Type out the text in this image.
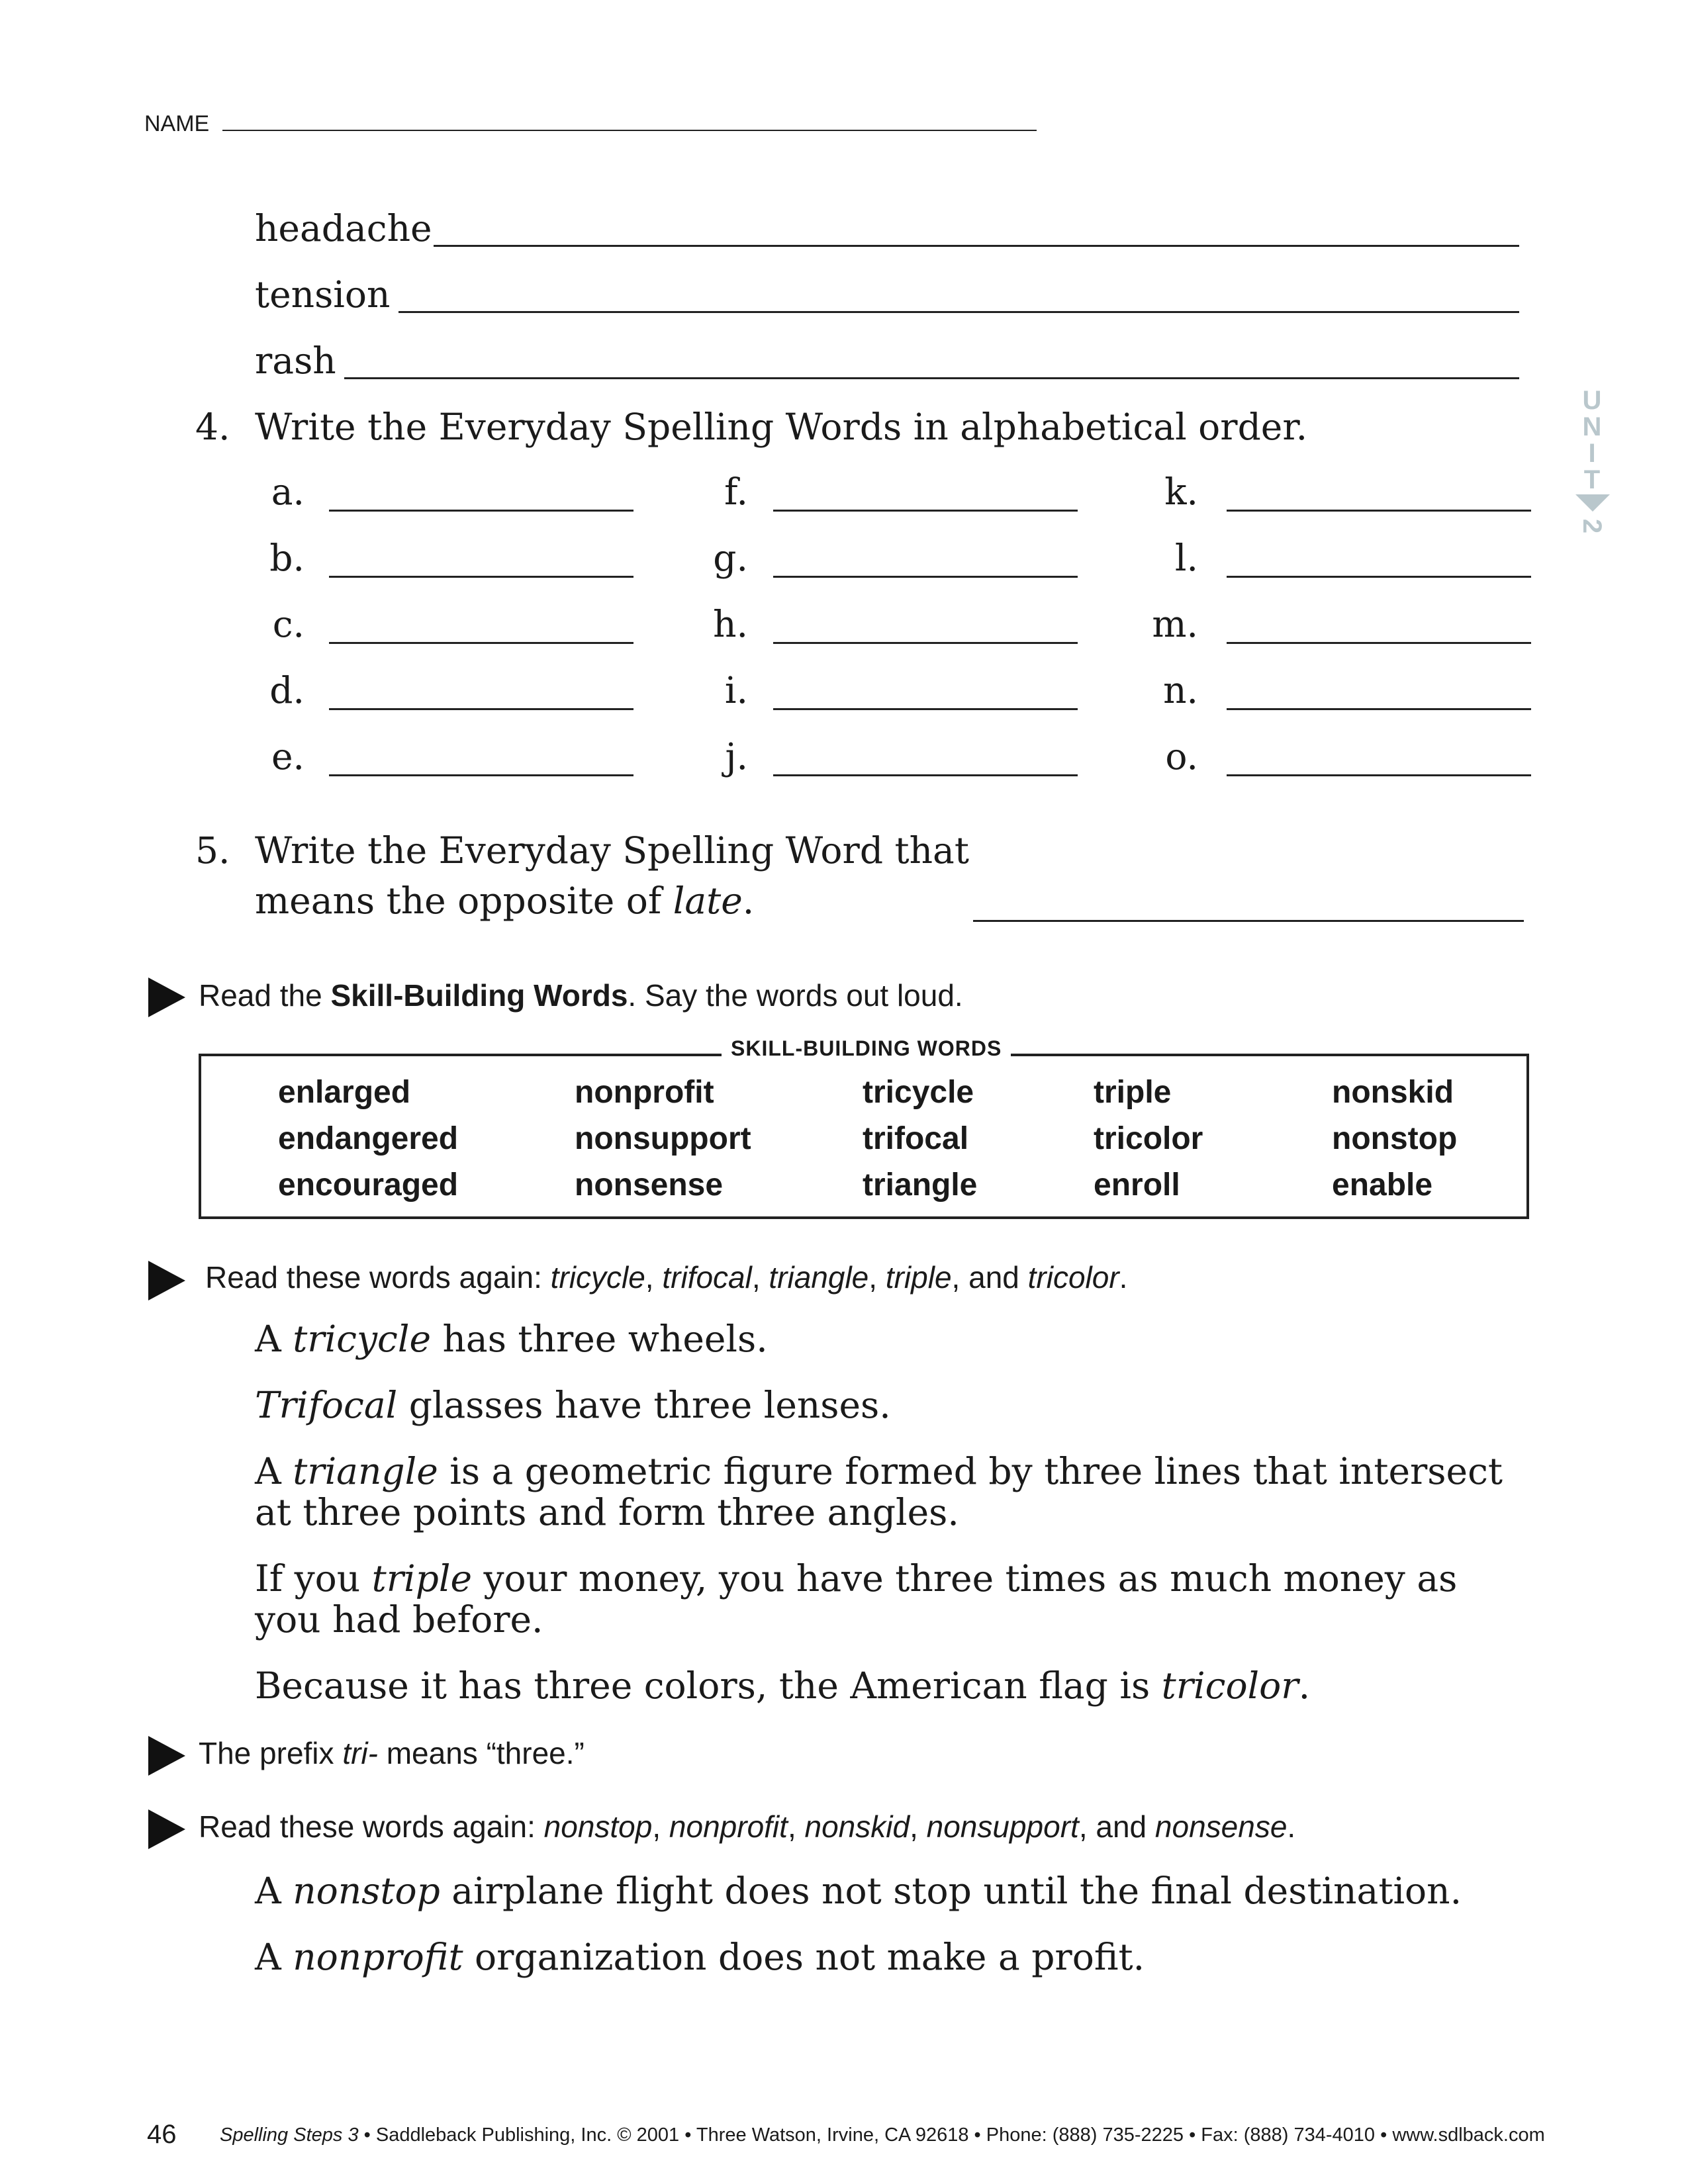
NAME
headache
tension
rash
4. Write the Everyday Spelling Words in alphabetical order.
a.
b.
c.
d.
e.
f.
g.
h.
i.
j.
k.
l.
m.
n.
o.
5. Write the Everyday Spelling Word that
means the opposite of late.
Read the Skill-Building Words. Say the words out loud.
SKILL-BUILDING WORDS
enlarged
endangered
encouraged
nonprofit
nonsupport
nonsense
tricycle
trifocal
triangle
triple
tricolor
enroll
nonskid
nonstop
enable
Read these words again: tricycle, trifocal, triangle, triple, and tricolor.
A tricycle has three wheels.
Trifocal glasses have three lenses.
A triangle is a geometric figure formed by three lines that intersect
at three points and form three angles.
If you triple your money, you have three times as much money as
you had before.
Because it has three colors, the American flag is tricolor.
The prefix tri- means “three.”
Read these words again: nonstop, nonprofit, nonskid, nonsupport, and nonsense.
A nonstop airplane flight does not stop until the final destination.
A nonprofit organization does not make a profit.
U
N
I
T
2
46 Spelling Steps 3 • Saddleback Publishing, Inc. © 2001 • Three Watson, Irvine, CA 92618 • Phone: (888) 735-2225 • Fax: (888) 734-4010 • www.sdlback.com
